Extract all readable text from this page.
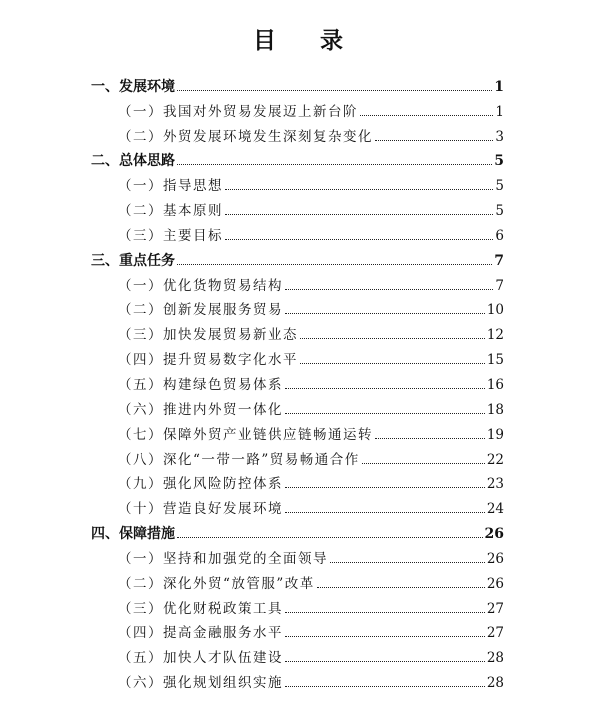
目 录
一、发展环境	1
（一）我国对外贸易发展迈上新台阶	1
（二）外贸发展环境发生深刻复杂变化	3
二、总体思路	5
（一）指导思想	5
（二）基本原则	5
（三）主要目标	6
三、重点任务	7
（一）优化货物贸易结构	7
（二）创新发展服务贸易	10
（三）加快发展贸易新业态	12
（四）提升贸易数字化水平	15
（五）构建绿色贸易体系	16
（六）推进内外贸一体化	18
（七）保障外贸产业链供应链畅通运转	19
（八）深化“一带一路”贸易畅通合作	22
（九）强化风险防控体系	23
（十）营造良好发展环境	24
四、保障措施	26
（一）坚持和加强党的全面领导	26
（二）深化外贸“放管服”改革	26
（三）优化财税政策工具	27
（四）提高金融服务水平	27
（五）加快人才队伍建设	28
（六）强化规划组织实施	28
